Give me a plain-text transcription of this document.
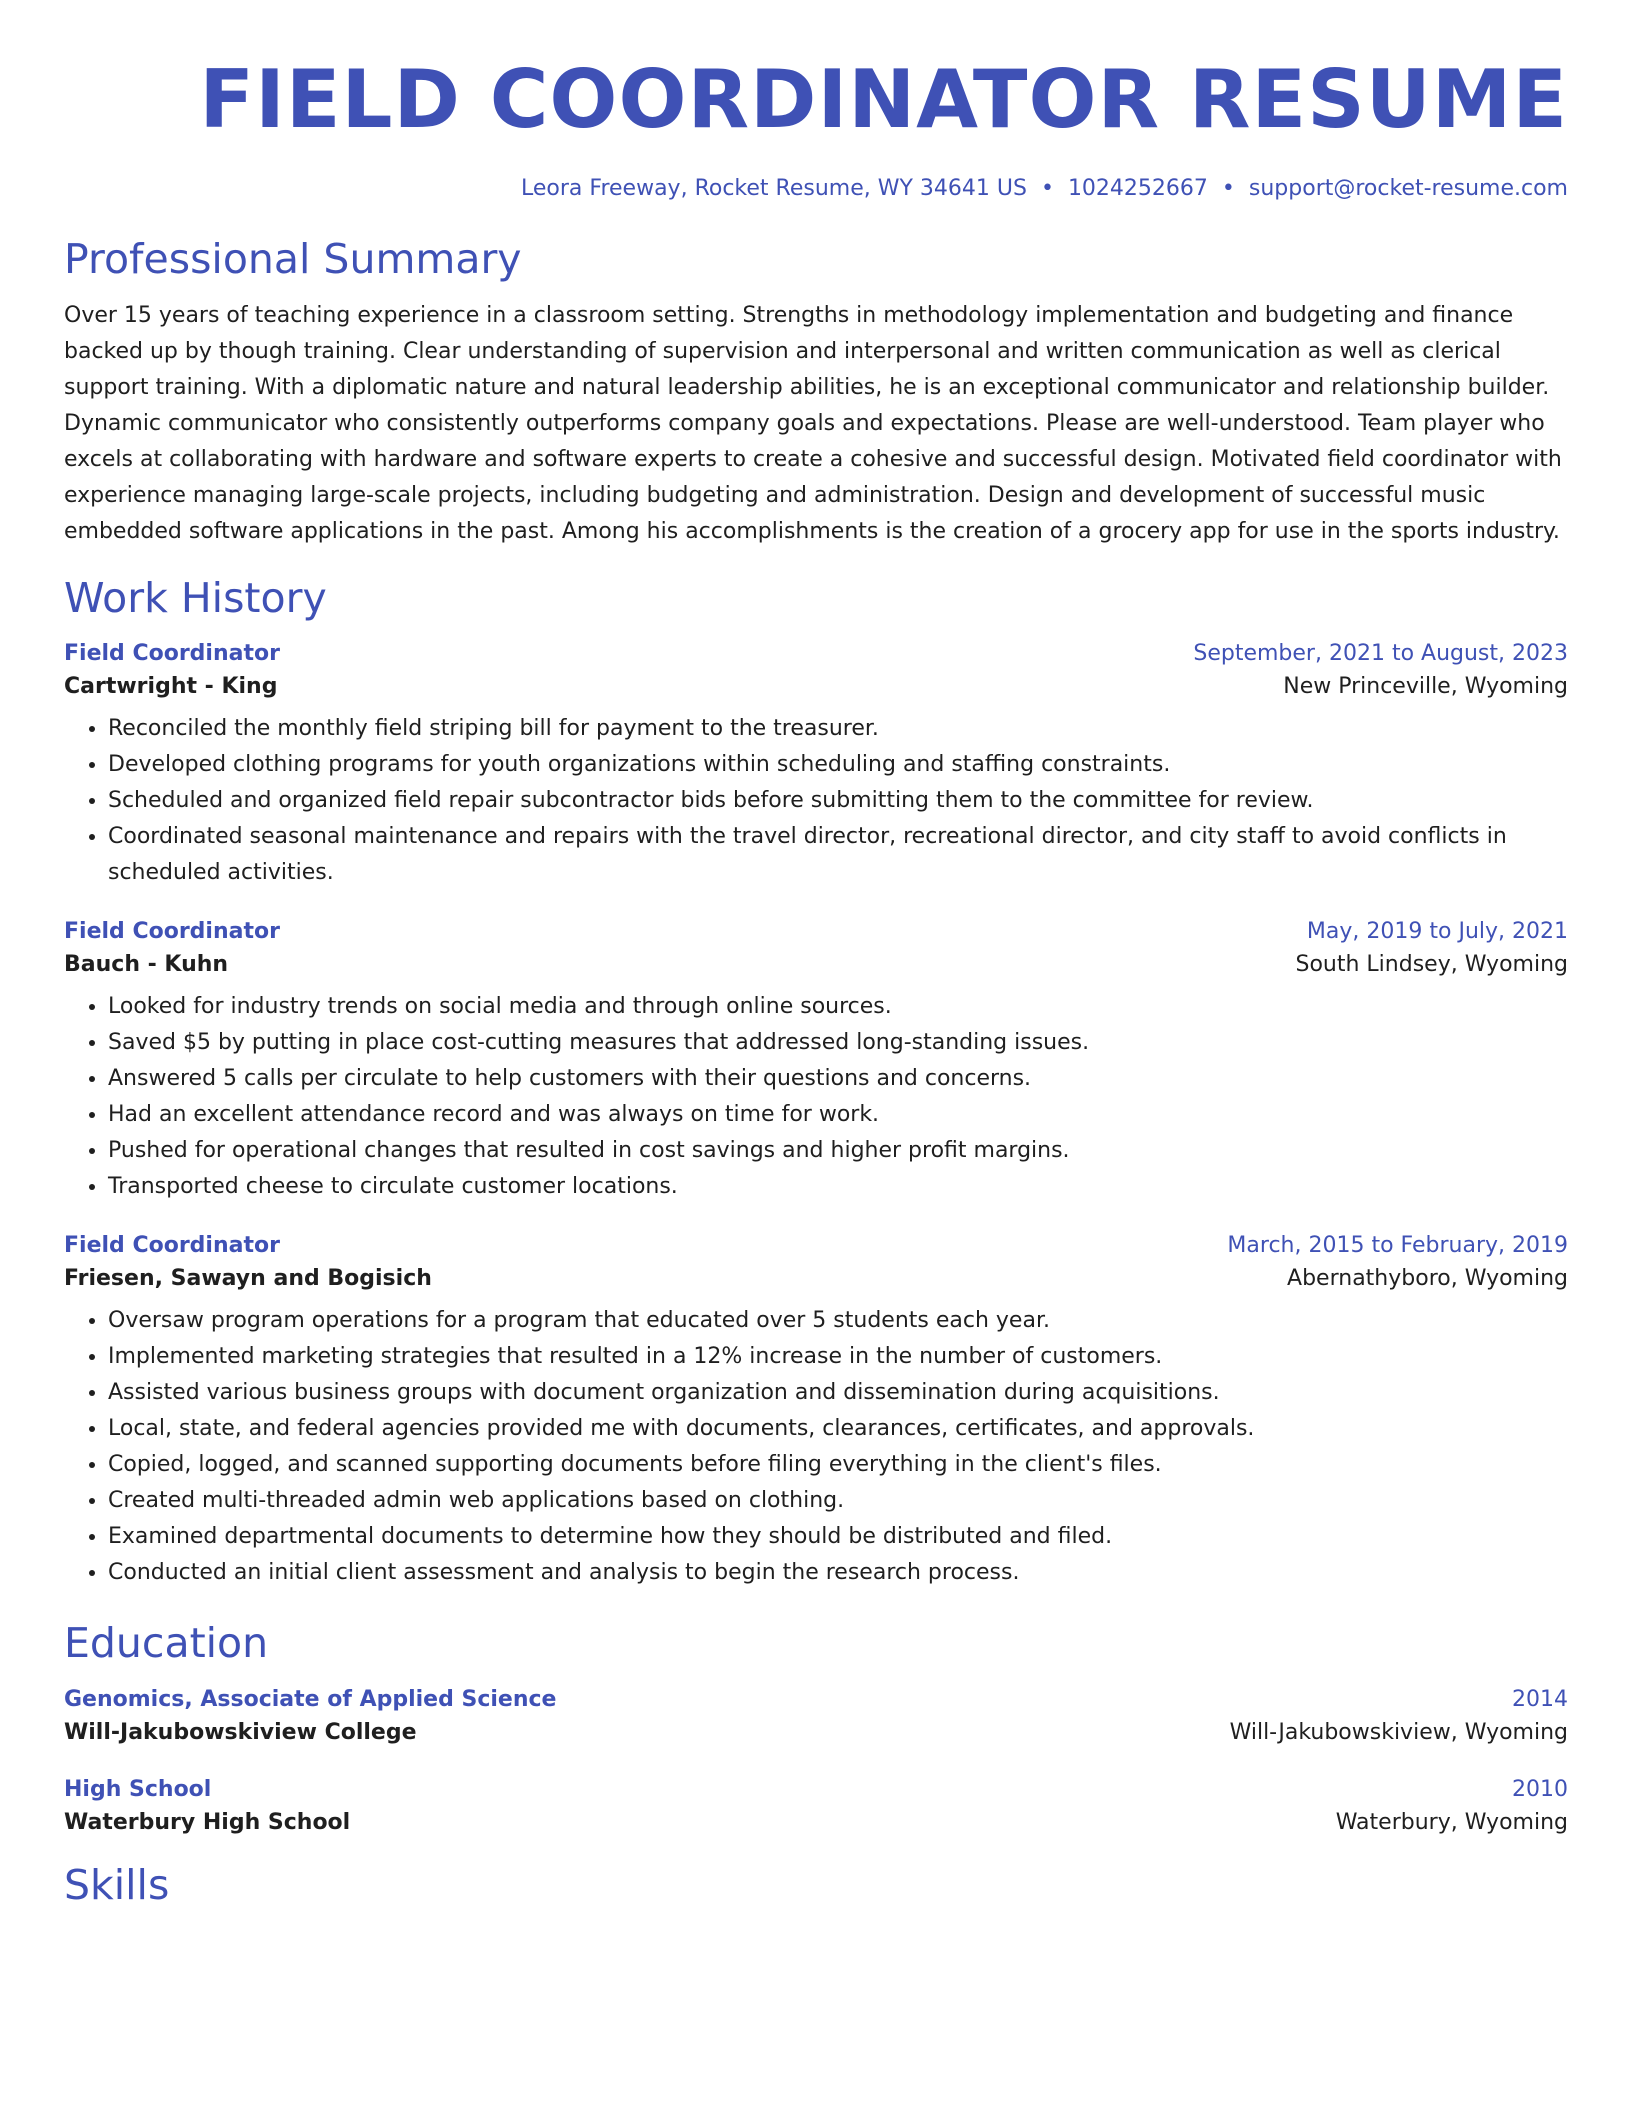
FIELD COORDINATOR RESUME
Leora Freeway, Rocket Resume, WY 34641 US • 1024252667 • support@rocket-resume.com
Professional Summary

Over 15 years of teaching experience in a classroom setting. Strengths in methodology implementation and budgeting and finance backed up by though training. Clear understanding of supervision and interpersonal and written communication as well as clerical support training. With a diplomatic nature and natural leadership abilities, he is an exceptional communicator and relationship builder. Dynamic communicator who consistently outperforms company goals and expectations. Please are well-understood. Team player who excels at collaborating with hardware and software experts to create a cohesive and successful design. Motivated field coordinator with experience managing large-scale projects, including budgeting and administration. Design and development of successful music embedded software applications in the past. Among his accomplishments is the creation of a grocery app for use in the sports industry.

Work History
Field Coordinator	September, 2021 to August, 2023
Cartwright - King	New Princeville, Wyoming
• Reconciled the monthly field striping bill for payment to the treasurer.
• Developed clothing programs for youth organizations within scheduling and staffing constraints.
• Scheduled and organized field repair subcontractor bids before submitting them to the committee for review.
• Coordinated seasonal maintenance and repairs with the travel director, recreational director, and city staff to avoid conflicts in scheduled activities.
Field Coordinator	May, 2019 to July, 2021
Bauch - Kuhn	South Lindsey, Wyoming
• Looked for industry trends on social media and through online sources.
• Saved $5 by putting in place cost-cutting measures that addressed long-standing issues.
• Answered 5 calls per circulate to help customers with their questions and concerns.
• Had an excellent attendance record and was always on time for work.
• Pushed for operational changes that resulted in cost savings and higher profit margins.
• Transported cheese to circulate customer locations.
Field Coordinator	March, 2015 to February, 2019
Friesen, Sawayn and Bogisich	Abernathyboro, Wyoming
• Oversaw program operations for a program that educated over 5 students each year.
• Implemented marketing strategies that resulted in a 12% increase in the number of customers.
• Assisted various business groups with document organization and dissemination during acquisitions.
• Local, state, and federal agencies provided me with documents, clearances, certificates, and approvals.
• Copied, logged, and scanned supporting documents before filing everything in the client's files.
• Created multi-threaded admin web applications based on clothing.
• Examined departmental documents to determine how they should be distributed and filed.
• Conducted an initial client assessment and analysis to begin the research process.
Education
Genomics, Associate of Applied Science	2014
Will-Jakubowskiview College	Will-Jakubowskiview, Wyoming
High School	2010
Waterbury High School	Waterbury, Wyoming
Skills
